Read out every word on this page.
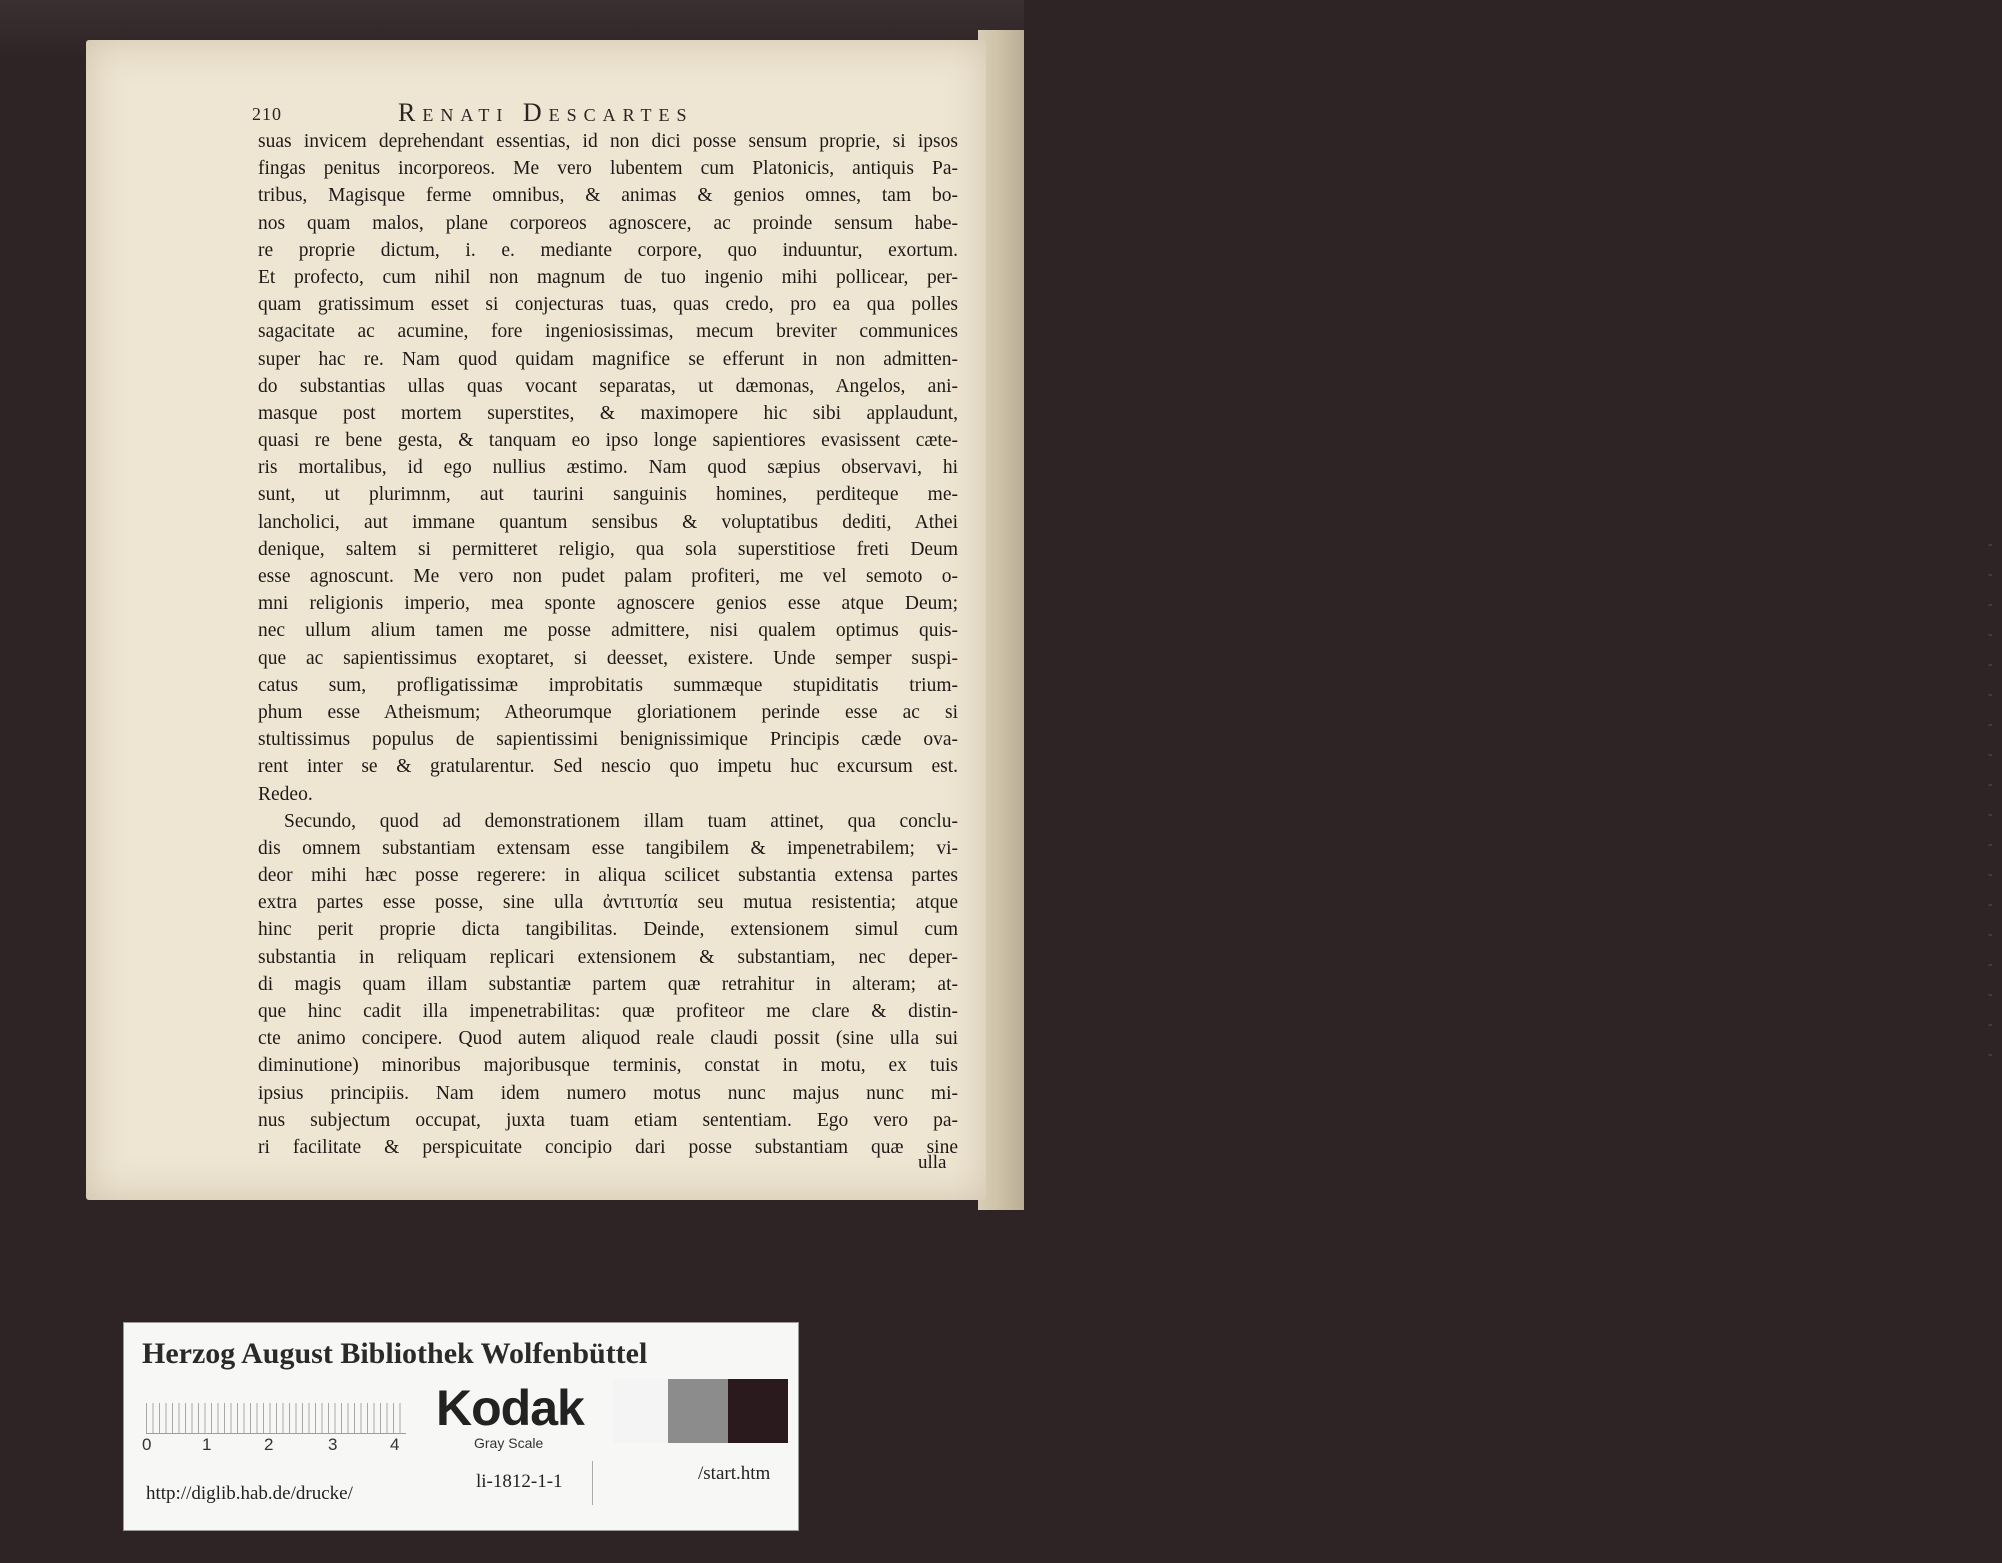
-
-
-
-
-
-
-
-
-
-
-
-
-
-
-
-
-
-
210	Renati Descartes
suas invicem deprehendant essentias, id non dici posse sensum proprie, si ipsos
fingas penitus incorporeos. Me vero lubentem cum Platonicis, antiquis Pa-
tribus, Magisque ferme omnibus, & animas & genios omnes, tam bo-
nos quam malos, plane corporeos agnoscere, ac proinde sensum habe-
re proprie dictum, i. e. mediante corpore, quo induuntur, exortum.
Et profecto, cum nihil non magnum de tuo ingenio mihi pollicear, per-
quam gratissimum esset si conjecturas tuas, quas credo, pro ea qua polles
sagacitate ac acumine, fore ingeniosissimas, mecum breviter communices
super hac re. Nam quod quidam magnifice se efferunt in non admitten-
do substantias ullas quas vocant separatas, ut dæmonas, Angelos, ani-
masque post mortem superstites, & maximopere hic sibi applaudunt,
quasi re bene gesta, & tanquam eo ipso longe sapientiores evasissent cæte-
ris mortalibus, id ego nullius æstimo. Nam quod sæpius observavi, hi
sunt, ut plurimnm, aut taurini sanguinis homines, perditeque me-
lancholici, aut immane quantum sensibus & voluptatibus dediti, Athei
denique, saltem si permitteret religio, qua sola superstitiose freti Deum
esse agnoscunt. Me vero non pudet palam profiteri, me vel semoto o-
mni religionis imperio, mea sponte agnoscere genios esse atque Deum;
nec ullum alium tamen me posse admittere, nisi qualem optimus quis-
que ac sapientissimus exoptaret, si deesset, existere. Unde semper suspi-
catus sum, profligatissimæ improbitatis summæque stupiditatis trium-
phum esse Atheismum; Atheorumque gloriationem perinde esse ac si
stultissimus populus de sapientissimi benignissimique Principis cæde ova-
rent inter se & gratularentur. Sed nescio quo impetu huc excursum est.
Redeo.
Secundo, quod ad demonstrationem illam tuam attinet, qua conclu-
dis omnem substantiam extensam esse tangibilem & impenetrabilem; vi-
deor mihi hæc posse regerere: in aliqua scilicet substantia extensa partes
extra partes esse posse, sine ulla ἀντιτυπία seu mutua resistentia; atque
hinc perit proprie dicta tangibilitas. Deinde, extensionem simul cum
substantia in reliquam replicari extensionem & substantiam, nec deper-
di magis quam illam substantiæ partem quæ retrahitur in alteram; at-
que hinc cadit illa impenetrabilitas: quæ profiteor me clare & distin-
cte animo concipere. Quod autem aliquod reale claudi possit (sine ulla sui
diminutione) minoribus majoribusque terminis, constat in motu, ex tuis
ipsius principiis. Nam idem numero motus nunc majus nunc mi-
nus subjectum occupat, juxta tuam etiam sententiam. Ego vero pa-
ri facilitate & perspicuitate concipio dari posse substantiam quæ sine
ulla
Herzog August Bibliothek Wolfenbüttel
0	1	2	3	4
Kodak
Gray Scale
http://diglib.hab.de/drucke/
li-1812-1-1	/start.htm
